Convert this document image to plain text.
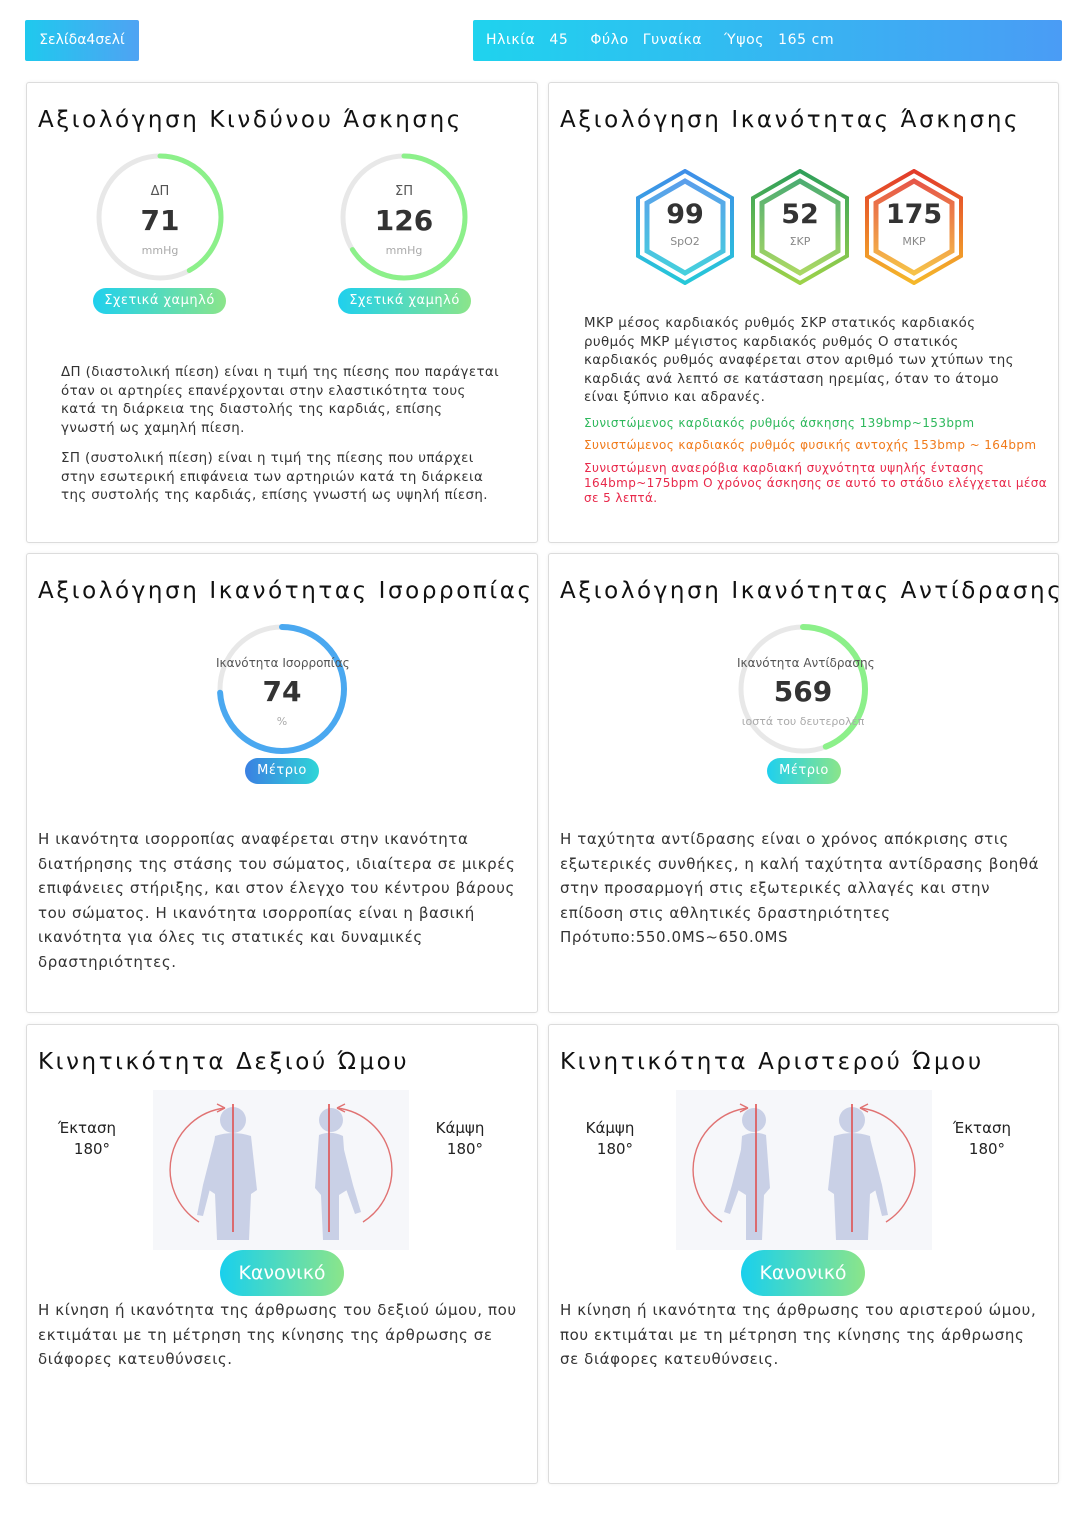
Σελίδα4σελί	Ηλικία 45 Φύλο Γυναίκα Ύψος 165 cm
Αξιολόγηση Κινδύνου Άσκησης
ΔΠ
71
mmHg
Σχετικά χαμηλό
ΣΠ
126
mmHg
Σχετικά χαμηλό
ΔΠ (διαστολική πίεση) είναι η τιμή της πίεσης που παράγεται όταν οι αρτηρίες επανέρχονται στην ελαστικότητα τους κατά τη διάρκεια της διαστολής της καρδιάς, επίσης γνωστή ως χαμηλή πίεση.
ΣΠ (συστολική πίεση) είναι η τιμή της πίεσης που υπάρχει στην εσωτερική επιφάνεια των αρτηριών κατά τη διάρκεια της συστολής της καρδιάς, επίσης γνωστή ως υψηλή πίεση.
Αξιολόγηση Ικανότητας Άσκησης
99
SpO2
52
ΣΚΡ
175
ΜΚΡ
ΜΚΡ μέσος καρδιακός ρυθμός ΣΚΡ στατικός καρδιακός ρυθμός ΜΚΡ μέγιστος καρδιακός ρυθμός Ο στατικός καρδιακός ρυθμός αναφέρεται στον αριθμό των χτύπων της καρδιάς ανά λεπτό σε κατάσταση ηρεμίας, όταν το άτομο είναι ξύπνιο και αδρανές.
Συνιστώμενος καρδιακός ρυθμός άσκησης 139bmp~153bpm
Συνιστώμενος καρδιακός ρυθμός φυσικής αντοχής 153bmp ~ 164bpm
Συνιστώμενη αναερόβια καρδιακή συχνότητα υψηλής έντασης
164bmp~175bpm Ο χρόνος άσκησης σε αυτό το στάδιο ελέγχεται μέσα
σε 5 λεπτά.
Αξιολόγηση Ικανότητας Ισορροπίας
Ικανότητα Ισορροπίας
74
%
Μέτριο
Η ικανότητα ισορροπίας αναφέρεται στην ικανότητα διατήρησης της στάσης του σώματος, ιδιαίτερα σε μικρές επιφάνειες στήριξης, και στον έλεγχο του κέντρου βάρους του σώματος. Η ικανότητα ισορροπίας είναι η βασική ικανότητα για όλες τις στατικές και δυναμικές δραστηριότητες.
Αξιολόγηση Ικανότητας Αντίδρασης
Ικανότητα Αντίδρασης
569
ιοστά του δευτερολέπ
Μέτριο
Η ταχύτητα αντίδρασης είναι ο χρόνος απόκρισης στις εξωτερικές συνθήκες, η καλή ταχύτητα αντίδρασης βοηθά στην προσαρμογή στις εξωτερικές αλλαγές και στην επίδοση στις αθλητικές δραστηριότητες Πρότυπο:550.0MS~650.0MS
Κινητικότητα Δεξιού Ώμου
Έκταση
180°
Κάμψη
180°
Κανονικό
Η κίνηση ή ικανότητα της άρθρωσης του δεξιού ώμου, που εκτιμάται με τη μέτρηση της κίνησης της άρθρωσης σε διάφορες κατευθύνσεις.
Κινητικότητα Αριστερού Ώμου
Κάμψη
180°
Έκταση
180°
Κανονικό
Η κίνηση ή ικανότητα της άρθρωσης του αριστερού ώμου, που εκτιμάται με τη μέτρηση της κίνησης της άρθρωσης σε διάφορες κατευθύνσεις.
